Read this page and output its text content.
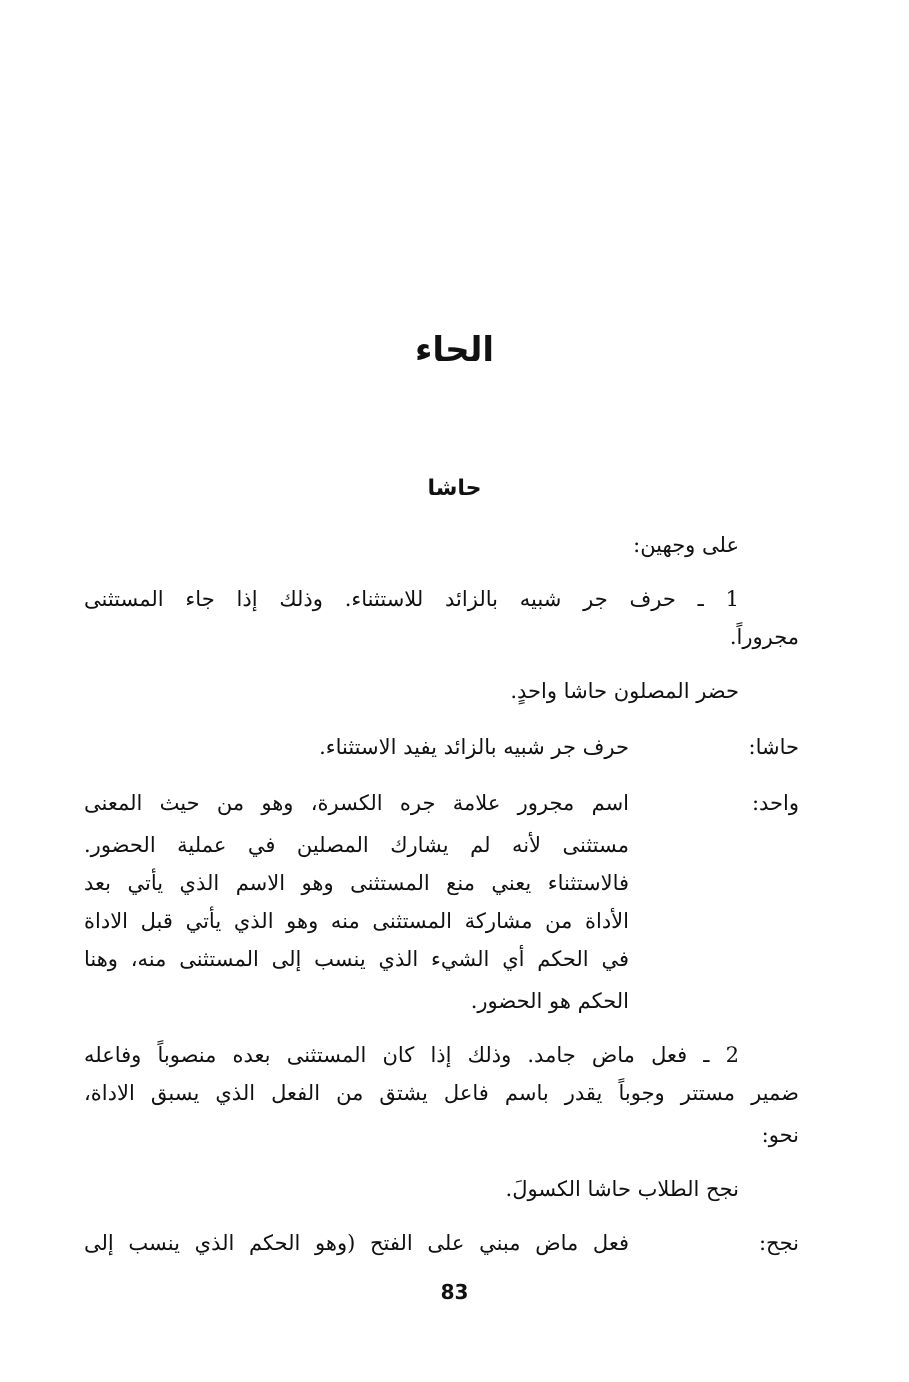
الحاء
حاشا
على وجهين:
1 ـ حرف جر شبيه بالزائد للاستثناء. وذلك إذا جاء المستثنى
مجروراً.
حضر المصلون حاشا واحدٍ.
حاشا:
حرف جر شبيه بالزائد يفيد الاستثناء.
واحد:
اسم مجرور علامة جره الكسرة، وهو من حيث المعنى
مستثنى لأنه لم يشارك المصلين في عملية الحضور.
فالاستثناء يعني منع المستثنى وهو الاسم الذي يأتي بعد
الأداة من مشاركة المستثنى منه وهو الذي يأتي قبل الاداة
في الحكم أي الشيء الذي ينسب إلى المستثنى منه، وهنا
الحكم هو الحضور.
2 ـ فعل ماض جامد. وذلك إذا كان المستثنى بعده منصوباً وفاعله
ضمير مستتر وجوباً يقدر باسم فاعل يشتق من الفعل الذي يسبق الاداة،
نحو:
نجح الطلاب حاشا الكسولَ.
نجح:
فعل ماض مبني على الفتح (وهو الحكم الذي ينسب إلى
83
